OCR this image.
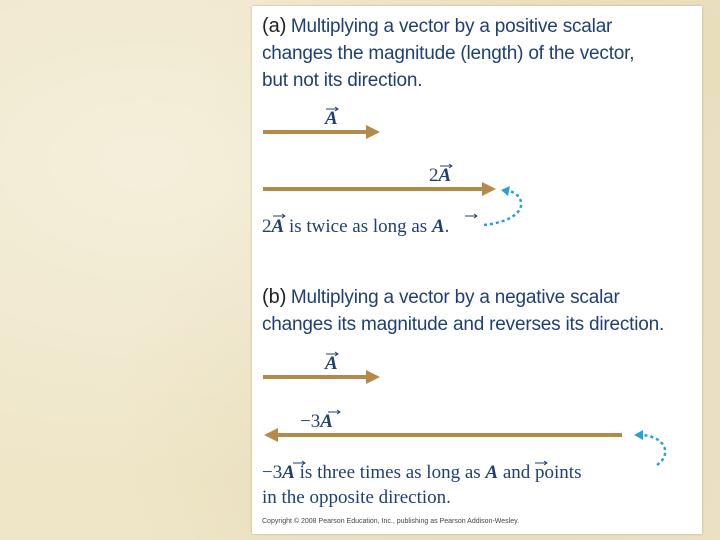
(a) Multiplying a vector by a positive scalar
changes the magnitude (length) of the vector,
but not its direction.
A
2A
2A is twice as long as A.
(b) Multiplying a vector by a negative scalar
changes its magnitude and reverses its direction.
A
−3A
−3A is three times as long as A and points
in the opposite direction.
Copyright © 2008 Pearson Education, Inc., publishing as Pearson Addison-Wesley.
